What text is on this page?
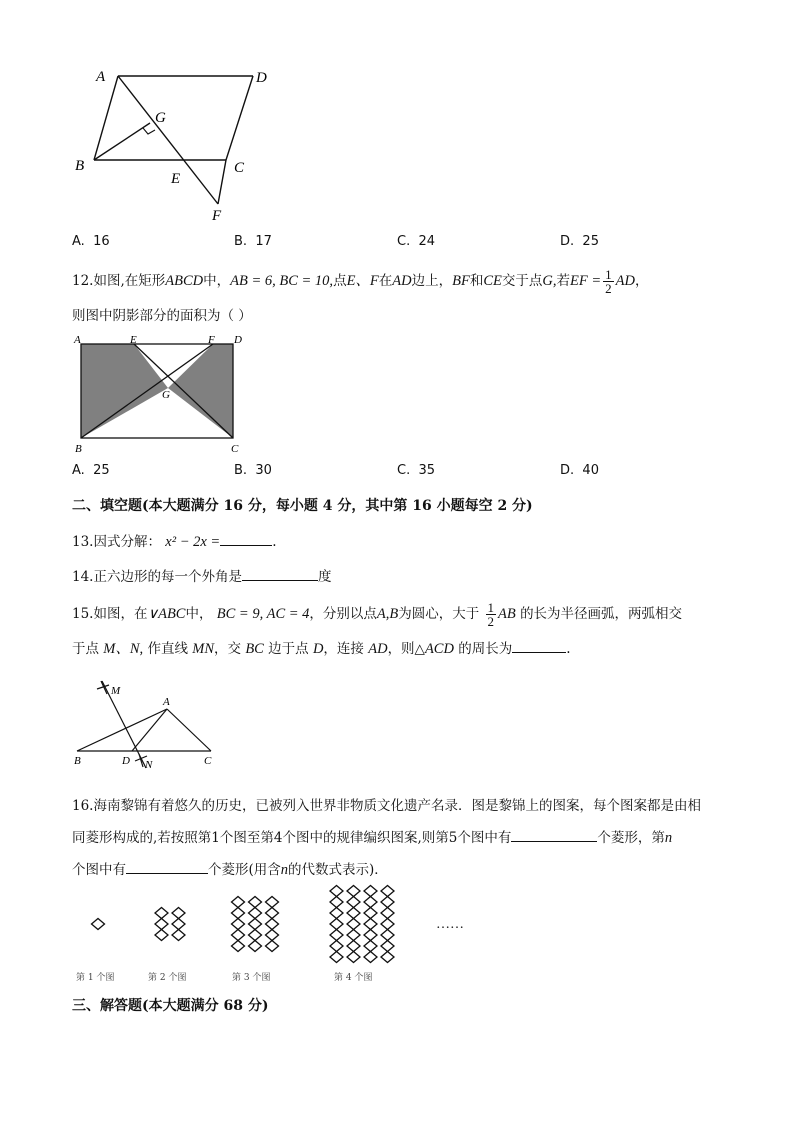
A	D
G
B	C
E
F
A. 16	B. 17	C. 24	D. 25
12.如图,在矩形ABCD中，AB = 6, BC = 10,点E、F在AD边上，BF和CE交于点G,若EF = $\frac{1}{2}$ AD，
则图中阴影部分的面积为（ ）
A	E	F D
G
B	C
A. 25	B. 30	C. 35	D. 40
二、填空题(本大题满分 16 分，每小题 4 分，其中第 16 小题每空 2 分)
13.因式分解： x² − 2x =	.
14.正六边形的每一个外角是	度
15.如图，在∨ABC中， BC = 9, AC = 4，分别以点A,B为圆心，大于 $\frac{1}{2}$ AB 的长为半径画弧，两弧相交
于点 M、N, 作直线 MN，交 BC 边于点 D，连接 AD，则△ACD 的周长为	.
M
A
B	D N	C
16.海南黎锦有着悠久的历史，已被列入世界非物质文化遗产名录．图是黎锦上的图案，每个图案都是由相
同菱形构成的,若按照第1个图至第4个图中的规律编织图案,则第5个图中有	个菱形，第n
个图中有	个菱形(用含n的代数式表示)．
第 1 个图	第 2 个图	第 3 个图	第 4 个图
……
三、解答题(本大题满分 68 分)
